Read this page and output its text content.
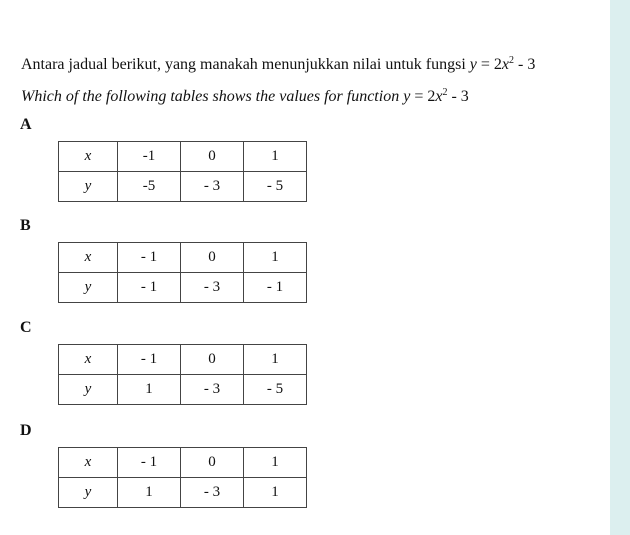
Antara jadual berikut, yang manakah menunjukkan nilai untuk fungsi $y = 2x^2 - 3$
Which of the following tables shows the values for function $y = 2x^2 - 3$
A
x	-1	0	1
y	-5	- 3	- 5
B
x	- 1	0	1
y	- 1	- 3	- 1
C
x	- 1	0	1
y	1	- 3	- 5
D
x	- 1	0	1
y	1	- 3	1
